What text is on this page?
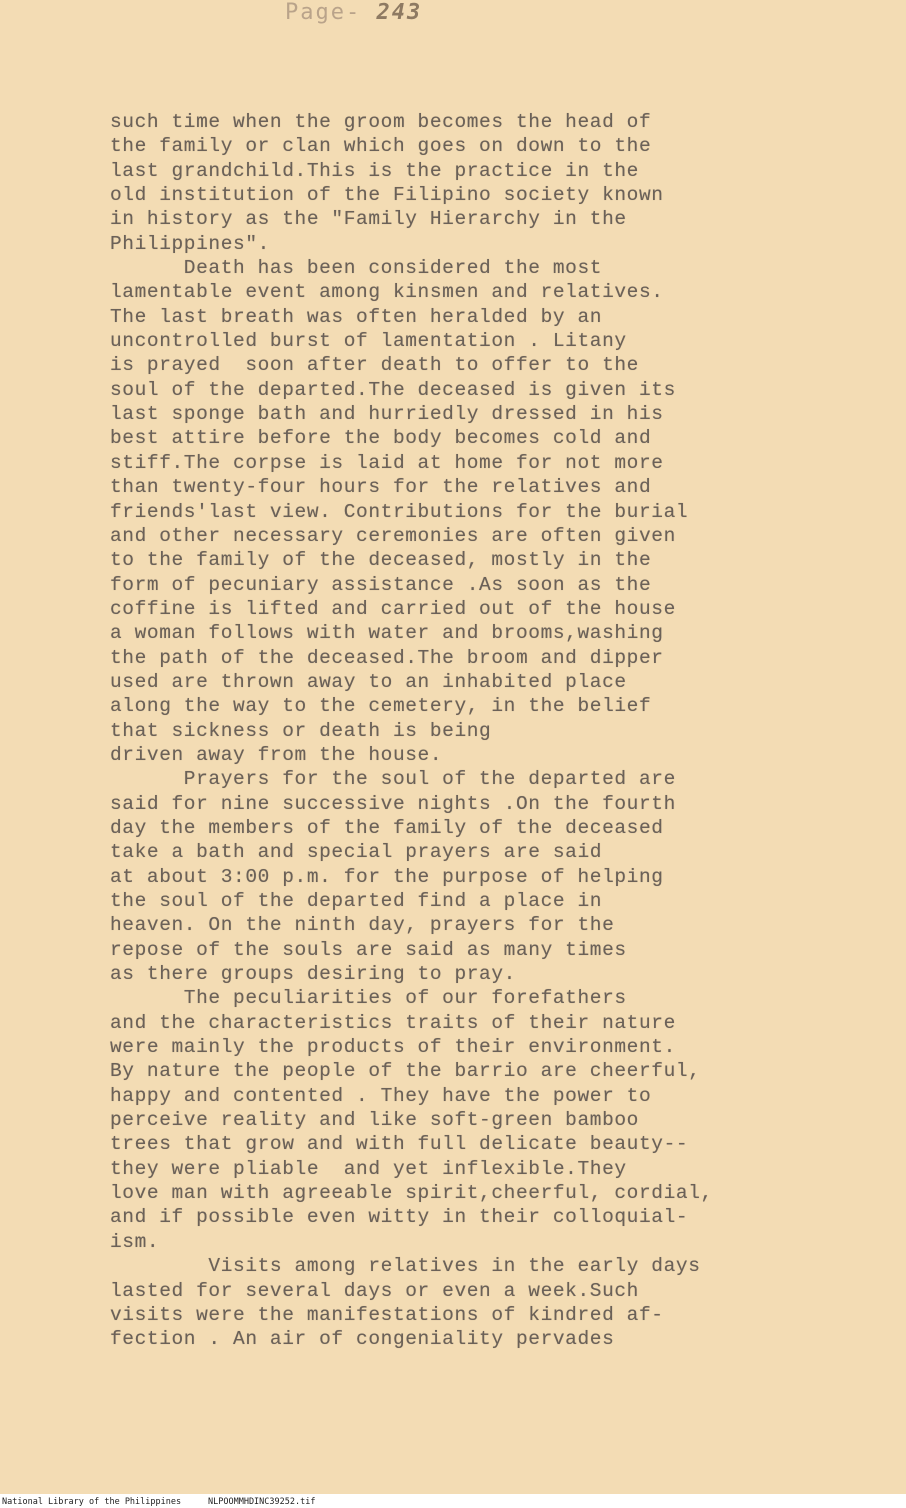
Page- 243
such time when the groom becomes the head of
the family or clan which goes on down to the
last grandchild.This is the practice in the
old institution of the Filipino society known
in history as the "Family Hierarchy in the
Philippines".
Death has been considered the most
lamentable event among kinsmen and relatives.
The last breath was often heralded by an
uncontrolled burst of lamentation . Litany
is prayed  soon after death to offer to the
soul of the departed.The deceased is given its
last sponge bath and hurriedly dressed in his
best attire before the body becomes cold and
stiff.The corpse is laid at home for not more
than twenty-four hours for the relatives and
friends'last view. Contributions for the burial
and other necessary ceremonies are often given
to the family of the deceased, mostly in the
form of pecuniary assistance .As soon as the
coffine is lifted and carried out of the house
a woman follows with water and brooms,washing
the path of the deceased.The broom and dipper
used are thrown away to an inhabited place
along the way to the cemetery, in the belief
that sickness or death is being
driven away from the house.
Prayers for the soul of the departed are
said for nine successive nights .On the fourth
day the members of the family of the deceased
take a bath and special prayers are said
at about 3:00 p.m. for the purpose of helping
the soul of the departed find a place in
heaven. On the ninth day, prayers for the
repose of the souls are said as many times
as there groups desiring to pray.
The peculiarities of our forefathers
and the characteristics traits of their nature
were mainly the products of their environment.
By nature the people of the barrio are cheerful,
happy and contented . They have the power to
perceive reality and like soft-green bamboo
trees that grow and with full delicate beauty--
they were pliable  and yet inflexible.They
love man with agreeable spirit,cheerful, cordial,
and if possible even witty in their colloquial-
ism.
Visits among relatives in the early days
lasted for several days or even a week.Such
visits were the manifestations of kindred af-
fection . An air of congeniality pervades
National Library of the Philippines	NLPOOMMHDINC39252.tif
